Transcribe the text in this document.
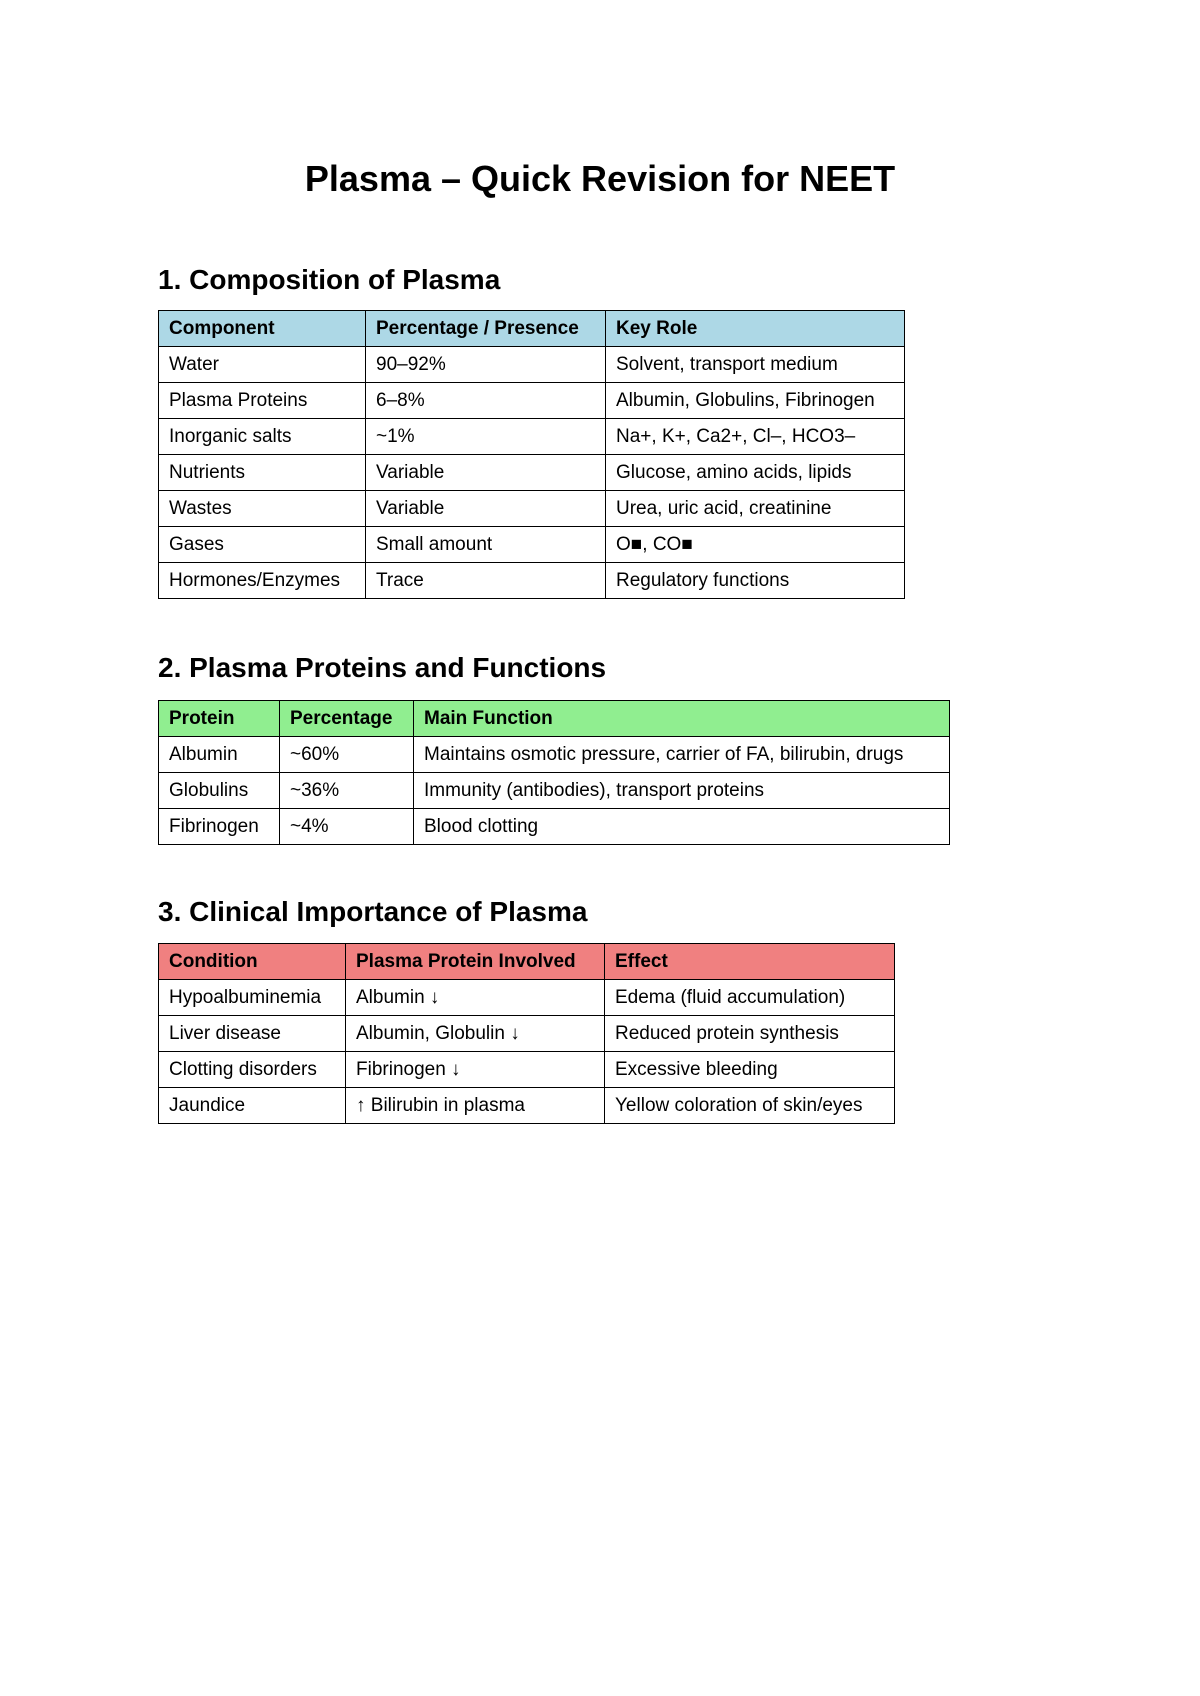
Plasma – Quick Revision for NEET
1. Composition of Plasma
Component	Percentage / Presence	Key Role
Water	90–92%	Solvent, transport medium
Plasma Proteins	6–8%	Albumin, Globulins, Fibrinogen
Inorganic salts	~1%	Na+, K+, Ca2+, Cl–, HCO3–
Nutrients	Variable	Glucose, amino acids, lipids
Wastes	Variable	Urea, uric acid, creatinine
Gases	Small amount	O■, CO■
Hormones/Enzymes	Trace	Regulatory functions
2. Plasma Proteins and Functions
Protein	Percentage	Main Function
Albumin	~60%	Maintains osmotic pressure, carrier of FA, bilirubin, drugs
Globulins	~36%	Immunity (antibodies), transport proteins
Fibrinogen	~4%	Blood clotting
3. Clinical Importance of Plasma
Condition	Plasma Protein Involved	Effect
Hypoalbuminemia	Albumin ↓	Edema (fluid accumulation)
Liver disease	Albumin, Globulin ↓	Reduced protein synthesis
Clotting disorders	Fibrinogen ↓	Excessive bleeding
Jaundice	↑ Bilirubin in plasma	Yellow coloration of skin/eyes
